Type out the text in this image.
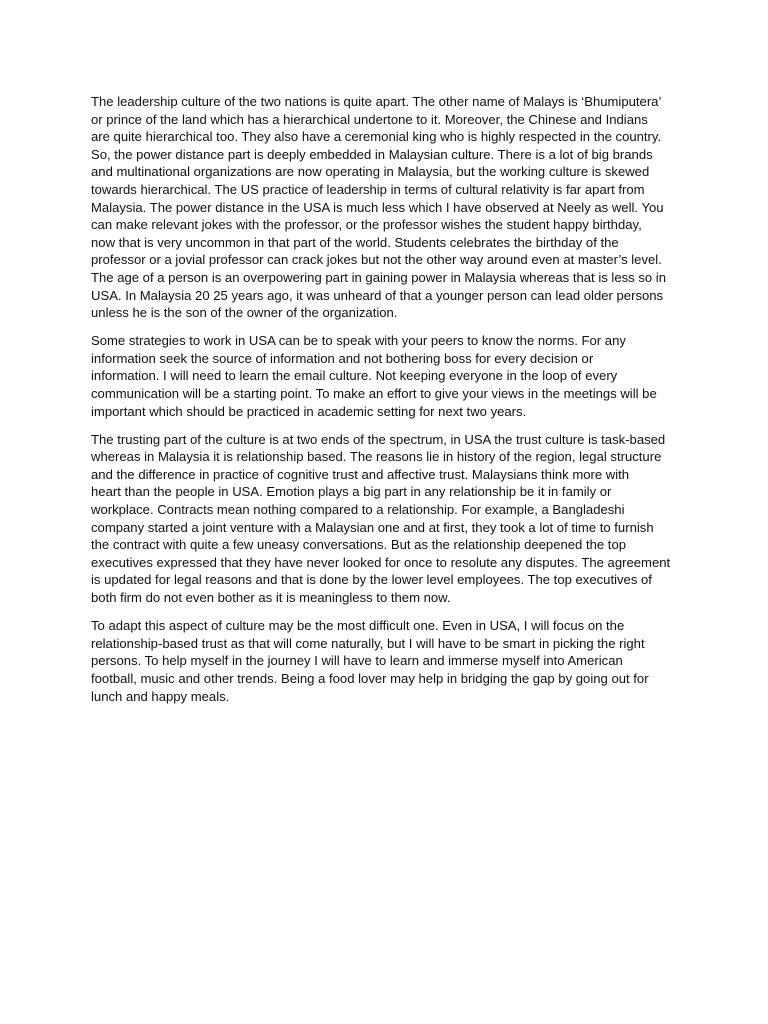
The leadership culture of the two nations is quite apart. The other name of Malays is ‘Bhumiputera’
or prince of the land which has a hierarchical undertone to it. Moreover, the Chinese and Indians
are quite hierarchical too. They also have a ceremonial king who is highly respected in the country.
So, the power distance part is deeply embedded in Malaysian culture. There is a lot of big brands
and multinational organizations are now operating in Malaysia, but the working culture is skewed
towards hierarchical. The US practice of leadership in terms of cultural relativity is far apart from
Malaysia. The power distance in the USA is much less which I have observed at Neely as well. You
can make relevant jokes with the professor, or the professor wishes the student happy birthday,
now that is very uncommon in that part of the world. Students celebrates the birthday of the
professor or a jovial professor can crack jokes but not the other way around even at master’s level.
The age of a person is an overpowering part in gaining power in Malaysia whereas that is less so in
USA. In Malaysia 20 25 years ago, it was unheard of that a younger person can lead older persons
unless he is the son of the owner of the organization.

Some strategies to work in USA can be to speak with your peers to know the norms. For any
information seek the source of information and not bothering boss for every decision or
information. I will need to learn the email culture. Not keeping everyone in the loop of every
communication will be a starting point. To make an effort to give your views in the meetings will be
important which should be practiced in academic setting for next two years.

The trusting part of the culture is at two ends of the spectrum, in USA the trust culture is task-based
whereas in Malaysia it is relationship based. The reasons lie in history of the region, legal structure
and the difference in practice of cognitive trust and affective trust. Malaysians think more with
heart than the people in USA. Emotion plays a big part in any relationship be it in family or
workplace. Contracts mean nothing compared to a relationship. For example, a Bangladeshi
company started a joint venture with a Malaysian one and at first, they took a lot of time to furnish
the contract with quite a few uneasy conversations. But as the relationship deepened the top
executives expressed that they have never looked for once to resolute any disputes. The agreement
is updated for legal reasons and that is done by the lower level employees. The top executives of
both firm do not even bother as it is meaningless to them now.

To adapt this aspect of culture may be the most difficult one. Even in USA, I will focus on the
relationship-based trust as that will come naturally, but I will have to be smart in picking the right
persons. To help myself in the journey I will have to learn and immerse myself into American
football, music and other trends. Being a food lover may help in bridging the gap by going out for
lunch and happy meals.
